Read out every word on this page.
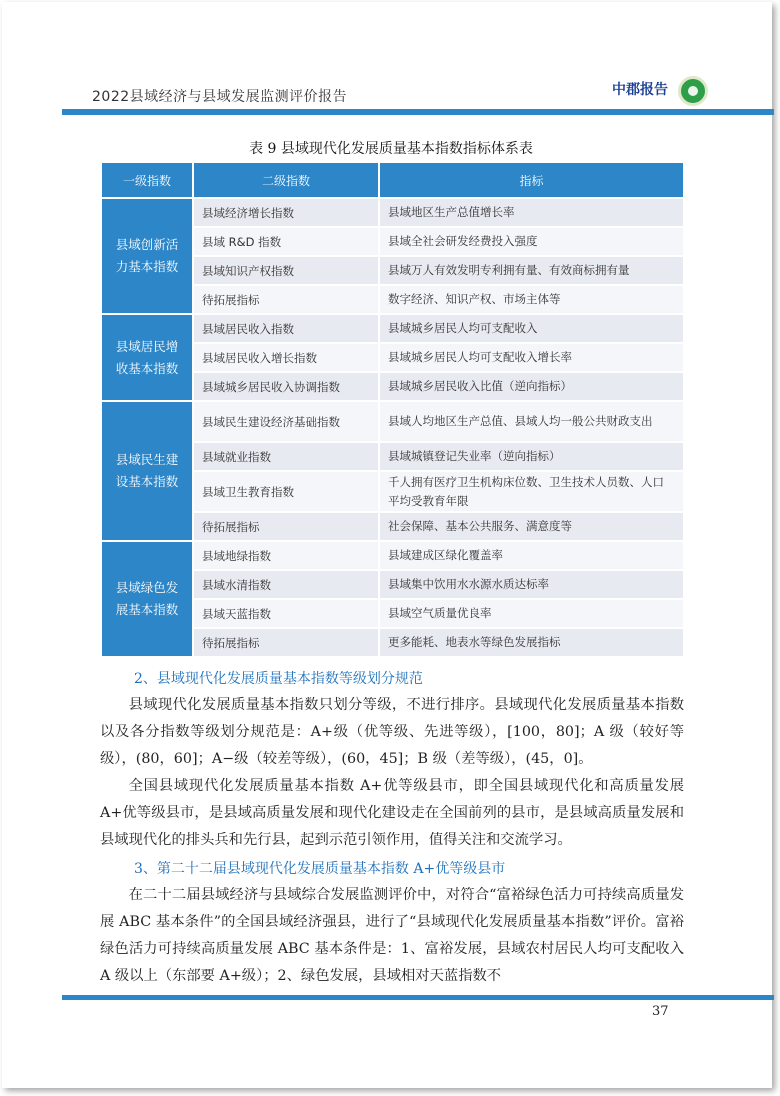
2022县域经济与县域发展监测评价报告	中郡报告
表 9 县域现代化发展质量基本指数指标体系表
一级指数	二级指数	指标
县域创新活力基本指数	县域经济增长指数	县域地区生产总值增长率
	县域 R&D 指数	县域全社会研发经费投入强度
	县域知识产权指数	县域万人有效发明专利拥有量、有效商标拥有量
	待拓展指标	数字经济、知识产权、市场主体等
县域居民增收基本指数	县域居民收入指数	县域城乡居民人均可支配收入
	县域居民收入增长指数	县域城乡居民人均可支配收入增长率
	县域城乡居民收入协调指数	县域城乡居民收入比值（逆向指标）
县域民生建设基本指数	县域民生建设经济基础指数	县域人均地区生产总值、县域人均一般公共财政支出
	县域就业指数	县域城镇登记失业率（逆向指标）
	县域卫生教育指数	千人拥有医疗卫生机构床位数、卫生技术人员数、人口平均受教育年限
	待拓展指标	社会保障、基本公共服务、满意度等
县域绿色发展基本指数	县域地绿指数	县域建成区绿化覆盖率
	县域水清指数	县域集中饮用水水源水质达标率
	县域天蓝指数	县域空气质量优良率
	待拓展指标	更多能耗、地表水等绿色发展指标
2、县域现代化发展质量基本指数等级划分规范

县域现代化发展质量基本指数只划分等级，不进行排序。县域现代化发展质量基本指数以及各分指数等级划分规范是：A+级（优等级、先进等级），[100，80]；A 级（较好等级），(80，60]；A−级（较差等级），(60，45]；B 级（差等级），(45，0]。

全国县域现代化发展质量基本指数 A+优等级县市，即全国县域现代化和高质量发展 A+优等级县市，是县域高质量发展和现代化建设走在全国前列的县市，是县域高质量发展和县域现代化的排头兵和先行县，起到示范引领作用，值得关注和交流学习。

3、第二十二届县域现代化发展质量基本指数 A+优等级县市

在二十二届县域经济与县域综合发展监测评价中，对符合“富裕绿色活力可持续高质量发展 ABC 基本条件”的全国县域经济强县，进行了“县域现代化发展质量基本指数”评价。富裕绿色活力可持续高质量发展 ABC 基本条件是：1、富裕发展，县域农村居民人均可支配收入 A 级以上（东部要 A+级）；2、绿色发展，县域相对天蓝指数不

37
